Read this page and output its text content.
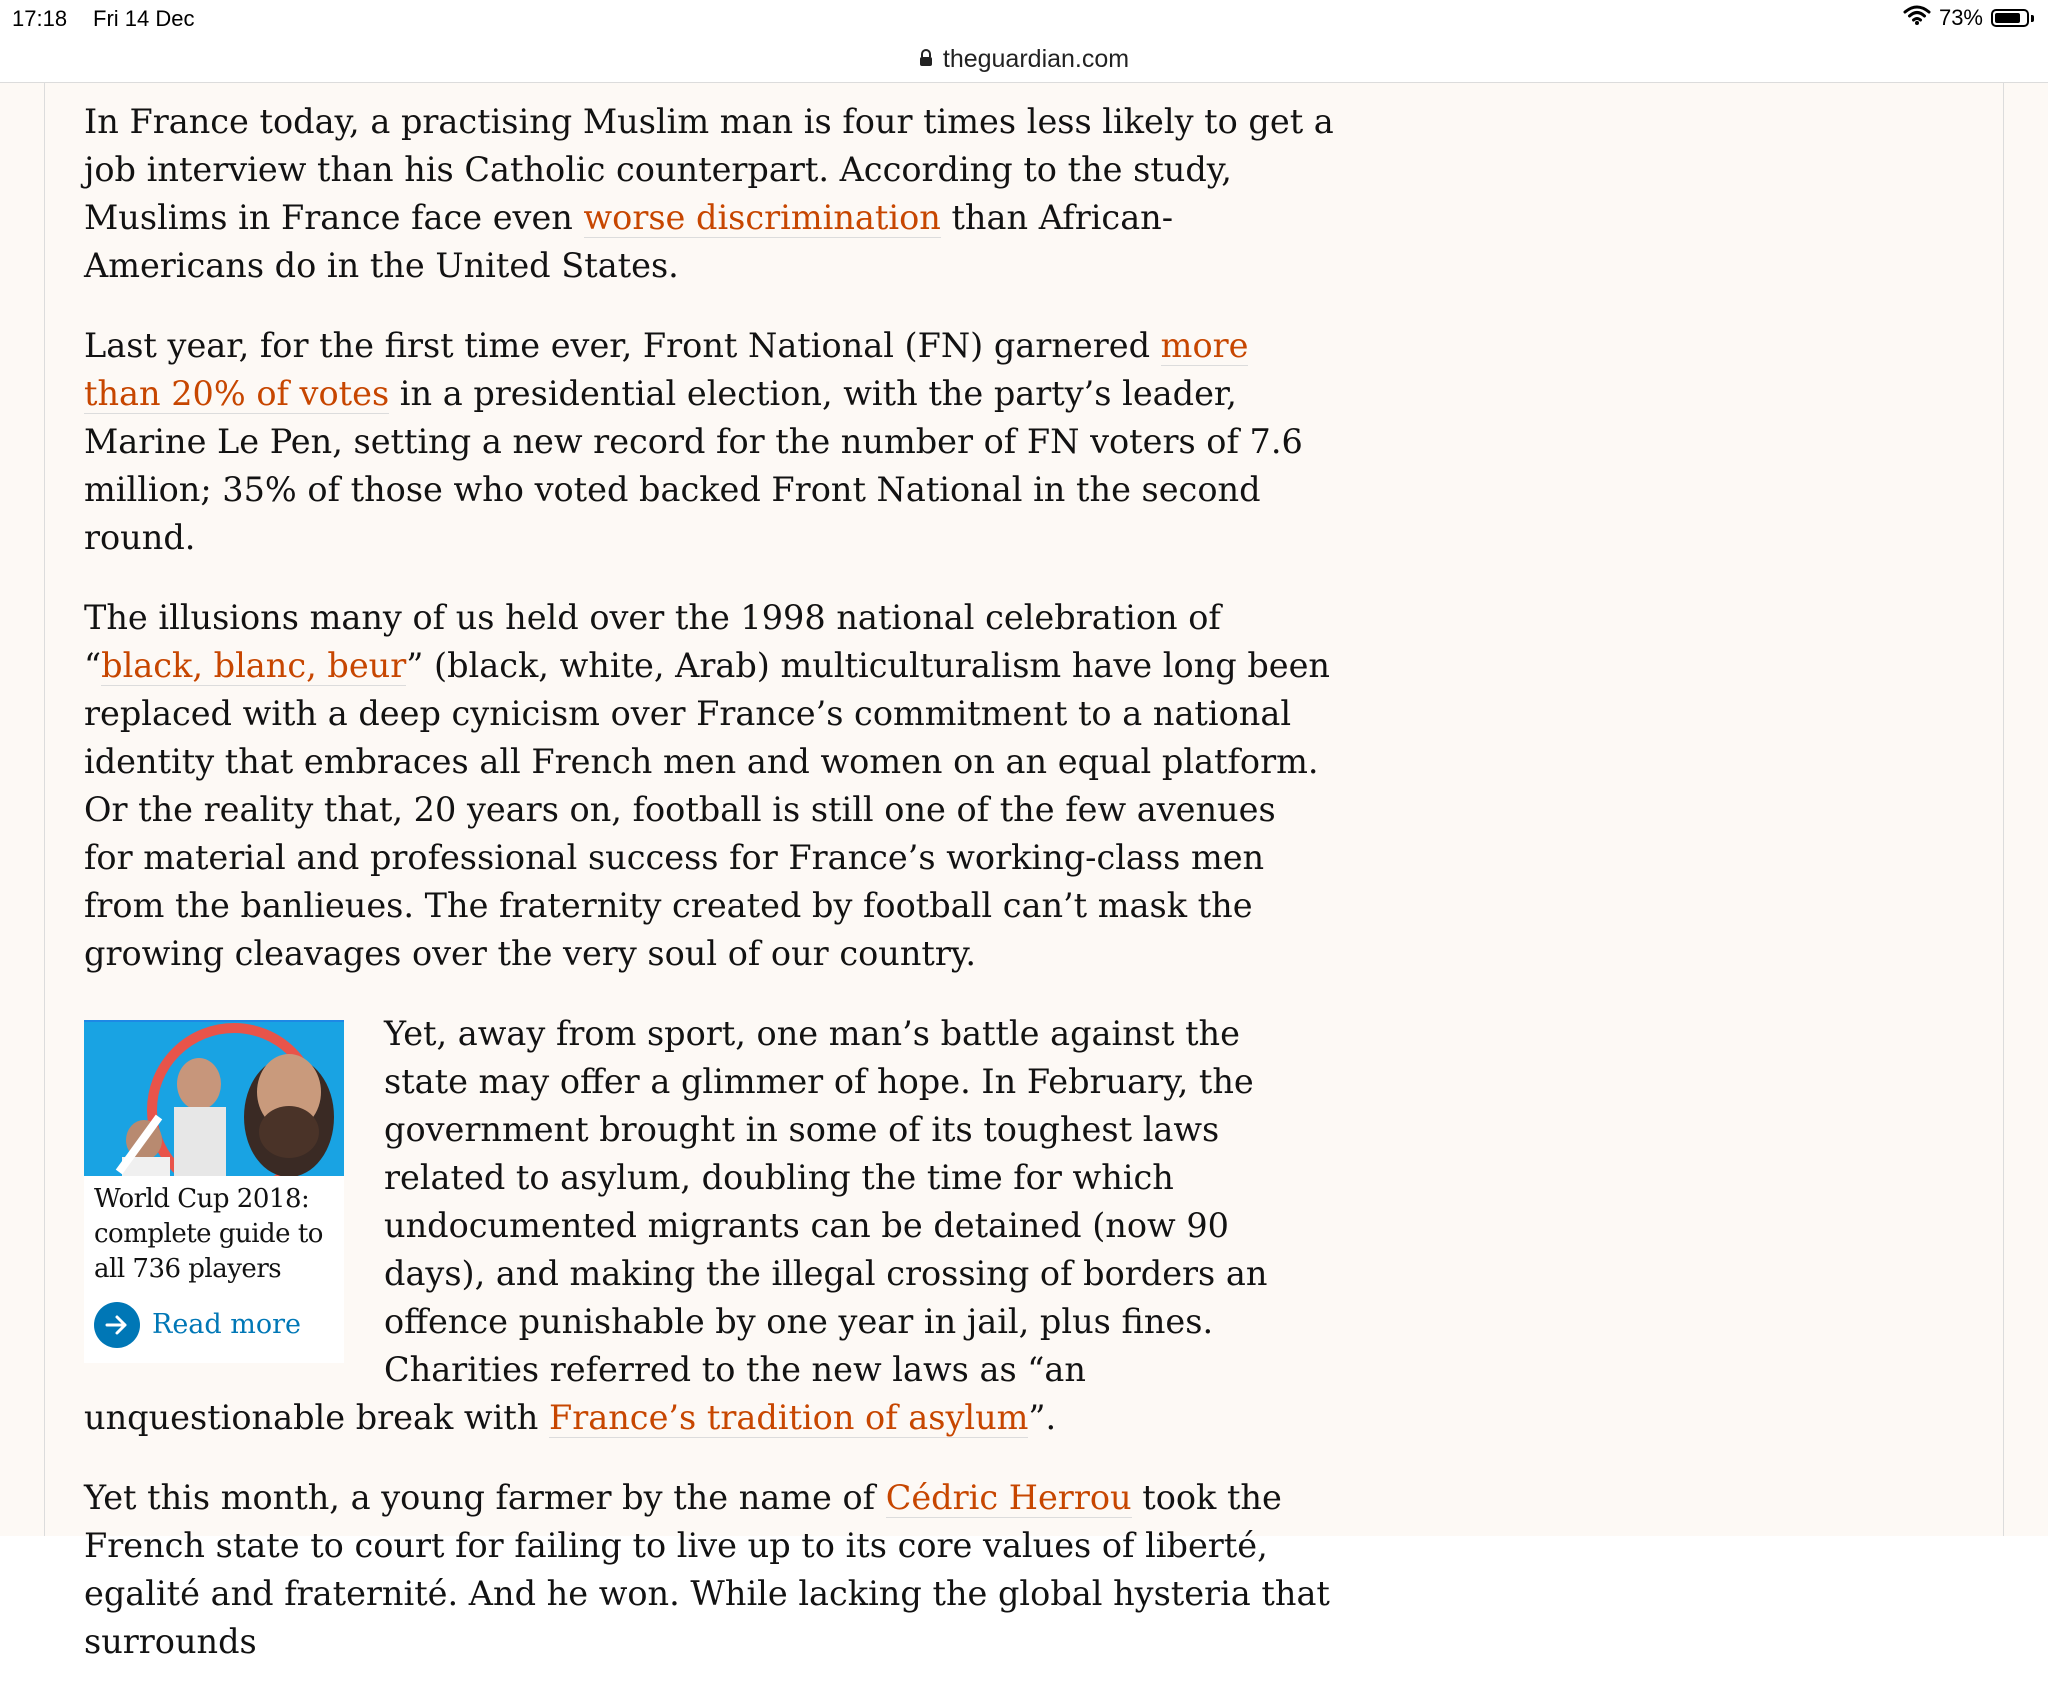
17:18 Fri 14 Dec	73%
theguardian.com

In France today, a practising Muslim man is four times less likely to get a job interview than his Catholic counterpart. According to the study, Muslims in France face even worse discrimination than African-Americans do in the United States.

Last year, for the first time ever, Front National (FN) garnered more than 20% of votes in a presidential election, with the party’s leader, Marine Le Pen, setting a new record for the number of FN voters of 7.6 million; 35% of those who voted backed Front National in the second round.

The illusions many of us held over the 1998 national celebration of “black, blanc, beur” (black, white, Arab) multiculturalism have long been replaced with a deep cynicism over France’s commitment to a national identity that embraces all French men and women on an equal platform. Or the reality that, 20 years on, football is still one of the few avenues for material and professional success for France’s working-class men from the banlieues. The fraternity created by football can’t mask the growing cleavages over the very soul of our country.

World Cup 2018: complete guide to all 736 players
Read more

Yet, away from sport, one man’s battle against the state may offer a glimmer of hope. In February, the government brought in some of its toughest laws related to asylum, doubling the time for which undocumented migrants can be detained (now 90 days), and making the illegal crossing of borders an offence punishable by one year in jail, plus fines. Charities referred to the new laws as “an unquestionable break with France’s tradition of asylum”.

Yet this month, a young farmer by the name of Cédric Herrou took the French state to court for failing to live up to its core values of liberté, egalité and fraternité. And he won. While lacking the global hysteria that surrounds
